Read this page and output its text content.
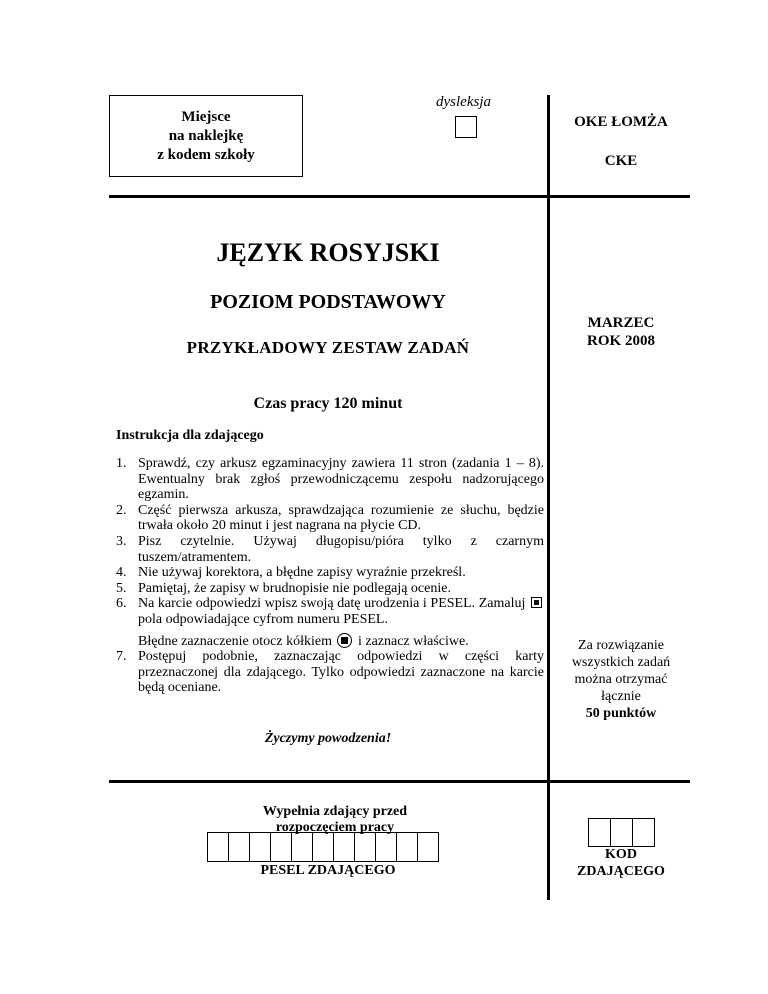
Miejsce
na naklejkę
z kodem szkoły
dysleksja
OKE ŁOMŻA
CKE
JĘZYK ROSYJSKI
POZIOM PODSTAWOWY
PRZYKŁADOWY ZESTAW ZADAŃ
Czas pracy 120 minut
MARZEC
ROK 2008
Instrukcja dla zdającego
1. Sprawdź, czy arkusz egzaminacyjny zawiera 11 stron (zadania 1 – 8). Ewentualny brak zgłoś przewodniczącemu zespołu nadzorującego egzamin.
2. Część pierwsza arkusza, sprawdzająca rozumienie ze słuchu, będzie trwała około 20 minut i jest nagrana na płycie CD.
3. Pisz czytelnie. Używaj długopisu/pióra tylko z czarnym tuszem/atramentem.
4. Nie używaj korektora, a błędne zapisy wyraźnie przekreśl.
5. Pamiętaj, że zapisy w brudnopisie nie podlegają ocenie.
6. Na karcie odpowiedzi wpisz swoją datę urodzenia i PESEL. Zamaluj  pola odpowiadające cyfrom numeru PESEL.
Błędne zaznaczenie otocz kółkiem i zaznacz właściwe.
7. Postępuj podobnie, zaznaczając odpowiedzi w części karty przeznaczonej dla zdającego. Tylko odpowiedzi zaznaczone na karcie będą oceniane.
Za rozwiązanie
wszystkich zadań
można otrzymać
łącznie
50 punktów
Życzymy powodzenia!
Wypełnia zdający przed
rozpoczęciem pracy
PESEL ZDAJĄCEGO
KOD
ZDAJĄCEGO
